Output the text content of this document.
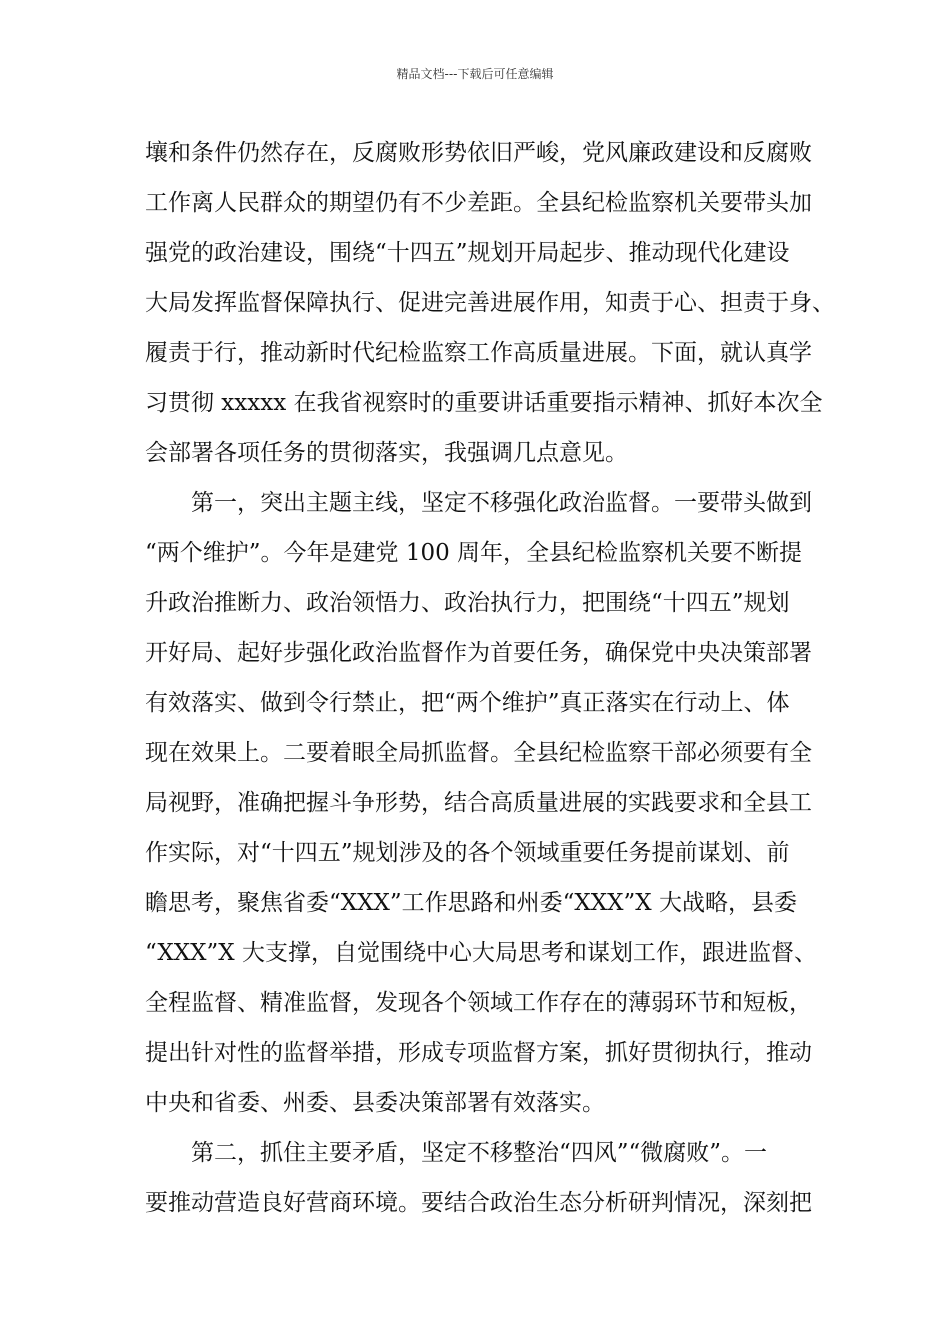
精品文档---下载后可任意编辑
壤和条件仍然存在，反腐败形势依旧严峻，党风廉政建设和反腐败
工作离人民群众的期望仍有不少差距。全县纪检监察机关要带头加
强党的政治建设，围绕“十四五”规划开局起步、推动现代化建设
大局发挥监督保障执行、促进完善进展作用，知责于心、担责于身、
履责于行，推动新时代纪检监察工作高质量进展。下面，就认真学
习贯彻 xxxxx 在我省视察时的重要讲话重要指示精神、抓好本次全
会部署各项任务的贯彻落实，我强调几点意见。
　　第一，突出主题主线，坚定不移强化政治监督。一要带头做到
“两个维护”。今年是建党 100 周年，全县纪检监察机关要不断提
升政治推断力、政治领悟力、政治执行力，把围绕“十四五”规划
开好局、起好步强化政治监督作为首要任务，确保党中央决策部署
有效落实、做到令行禁止，把“两个维护”真正落实在行动上、体
现在效果上。二要着眼全局抓监督。全县纪检监察干部必须要有全
局视野，准确把握斗争形势，结合高质量进展的实践要求和全县工
作实际，对“十四五”规划涉及的各个领域重要任务提前谋划、前
瞻思考，聚焦省委“XXX”工作思路和州委“XXX”X 大战略，县委
“XXX”X 大支撑，自觉围绕中心大局思考和谋划工作，跟进监督、
全程监督、精准监督，发现各个领域工作存在的薄弱环节和短板，
提出针对性的监督举措，形成专项监督方案，抓好贯彻执行，推动
中央和省委、州委、县委决策部署有效落实。
　　第二，抓住主要矛盾，坚定不移整治“四风”“微腐败”。一
要推动营造良好营商环境。要结合政治生态分析研判情况，深刻把
